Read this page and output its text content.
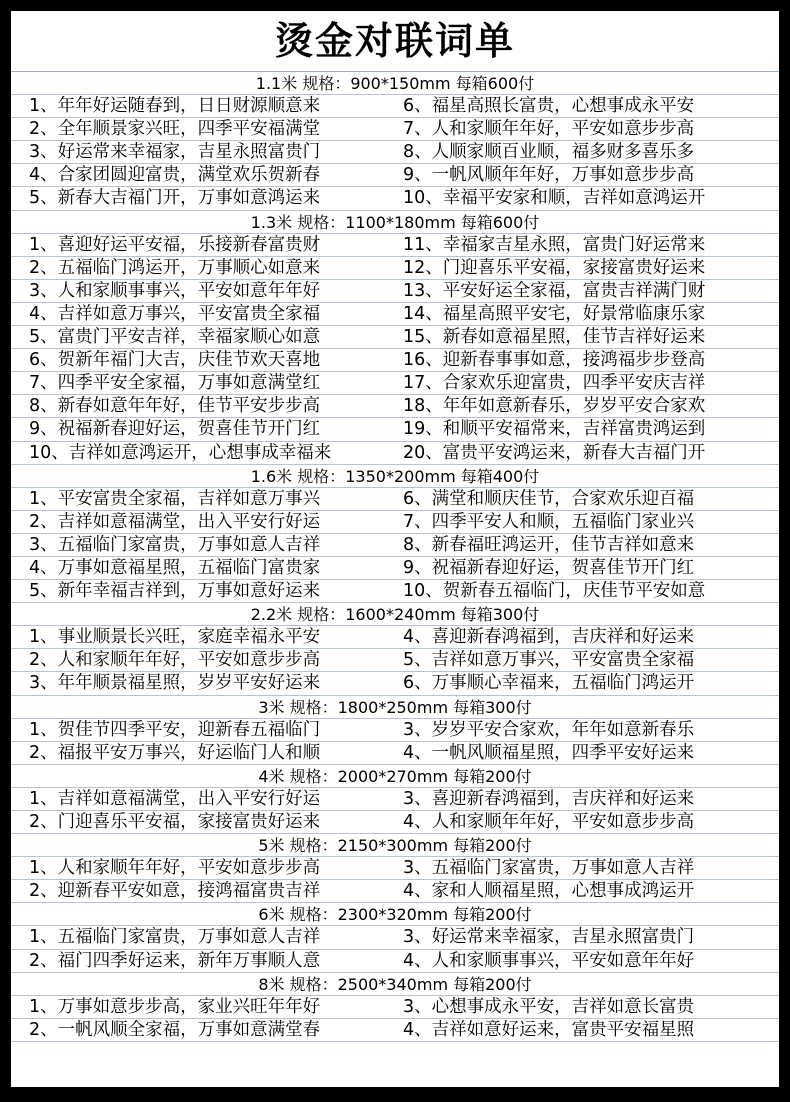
烫金对联词单
1.1米 规格：900*150mm 每箱600付
1、年年好运随春到，日日财源顺意来	6、福星高照长富贵，心想事成永平安
2、全年顺景家兴旺，四季平安福满堂	7、人和家顺年年好，平安如意步步高
3、好运常来幸福家，吉星永照富贵门	8、人顺家顺百业顺，福多财多喜乐多
4、合家团圆迎富贵，满堂欢乐贺新春	9、一帆风顺年年好，万事如意步步高
5、新春大吉福门开，万事如意鸿运来	10、幸福平安家和顺，吉祥如意鸿运开
1.3米 规格：1100*180mm 每箱600付
1、喜迎好运平安福，乐接新春富贵财	11、幸福家吉星永照，富贵门好运常来
2、五福临门鸿运开，万事顺心如意来	12、门迎喜乐平安福，家接富贵好运来
3、人和家顺事事兴，平安如意年年好	13、平安好运全家福，富贵吉祥满门财
4、吉祥如意万事兴，平安富贵全家福	14、福星高照平安宅，好景常临康乐家
5、富贵门平安吉祥，幸福家顺心如意	15、新春如意福星照，佳节吉祥好运来
6、贺新年福门大吉，庆佳节欢天喜地	16、迎新春事事如意，接鸿福步步登高
7、四季平安全家福，万事如意满堂红	17、合家欢乐迎富贵，四季平安庆吉祥
8、新春如意年年好，佳节平安步步高	18、年年如意新春乐，岁岁平安合家欢
9、祝福新春迎好运，贺喜佳节开门红	19、和顺平安福常来，吉祥富贵鸿运到
10、吉祥如意鸿运开，心想事成幸福来	20、富贵平安鸿运来，新春大吉福门开
1.6米 规格：1350*200mm 每箱400付
1、平安富贵全家福，吉祥如意万事兴	6、满堂和顺庆佳节，合家欢乐迎百福
2、吉祥如意福满堂，出入平安行好运	7、四季平安人和顺，五福临门家业兴
3、五福临门家富贵，万事如意人吉祥	8、新春福旺鸿运开，佳节吉祥如意来
4、万事如意福星照，五福临门富贵家	9、祝福新春迎好运，贺喜佳节开门红
5、新年幸福吉祥到，万事如意好运来	10、贺新春五福临门，庆佳节平安如意
2.2米 规格：1600*240mm 每箱300付
1、事业顺景长兴旺，家庭幸福永平安	4、喜迎新春鸿福到，吉庆祥和好运来
2、人和家顺年年好，平安如意步步高	5、吉祥如意万事兴，平安富贵全家福
3、年年顺景福星照，岁岁平安好运来	6、万事顺心幸福来，五福临门鸿运开
3米 规格：1800*250mm 每箱300付
1、贺佳节四季平安，迎新春五福临门	3、岁岁平安合家欢，年年如意新春乐
2、福报平安万事兴，好运临门人和顺	4、一帆风顺福星照，四季平安好运来
4米 规格：2000*270mm 每箱200付
1、吉祥如意福满堂，出入平安行好运	3、喜迎新春鸿福到，吉庆祥和好运来
2、门迎喜乐平安福，家接富贵好运来	4、人和家顺年年好，平安如意步步高
5米 规格：2150*300mm 每箱200付
1、人和家顺年年好，平安如意步步高	3、五福临门家富贵，万事如意人吉祥
2、迎新春平安如意，接鸿福富贵吉祥	4、家和人顺福星照，心想事成鸿运开
6米 规格：2300*320mm 每箱200付
1、五福临门家富贵，万事如意人吉祥	3、好运常来幸福家，吉星永照富贵门
2、福门四季好运来，新年万事顺人意	4、人和家顺事事兴，平安如意年年好
8米 规格：2500*340mm 每箱200付
1、万事如意步步高，家业兴旺年年好	3、心想事成永平安，吉祥如意长富贵
2、一帆风顺全家福，万事如意满堂春	4、吉祥如意好运来，富贵平安福星照
